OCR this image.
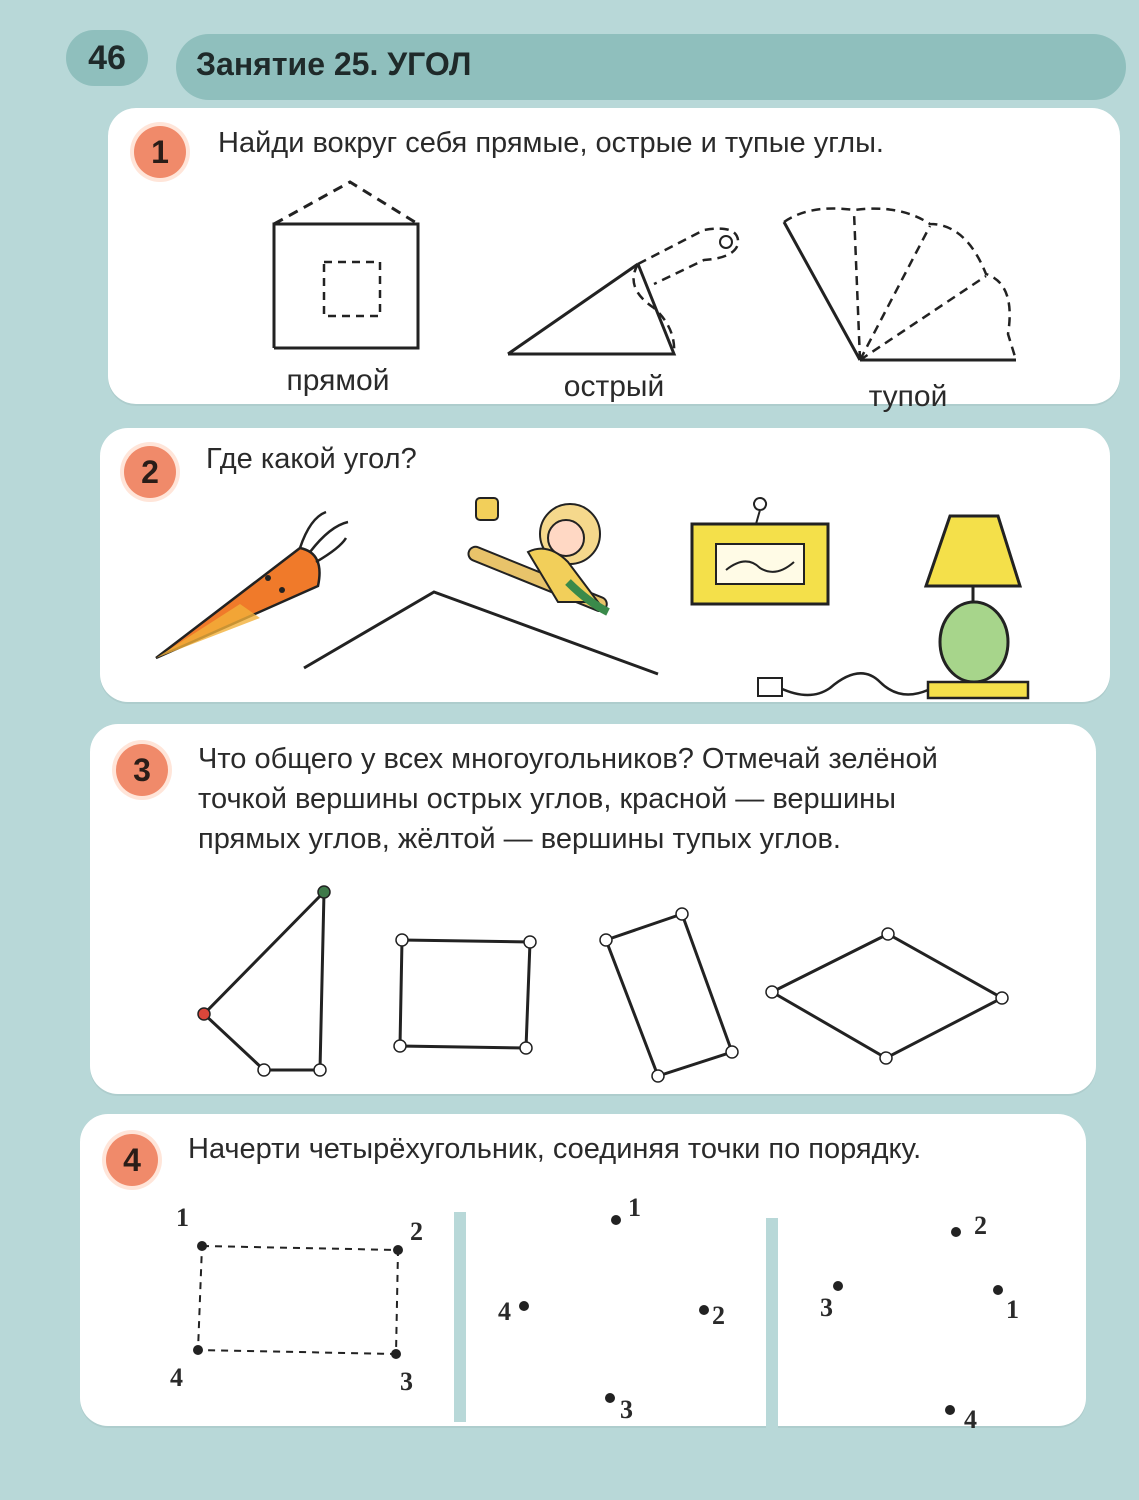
46 Занятие 25. УГОЛ
1 Найди вокруг себя прямые, острые и тупые углы.
прямой	острый	тупой
2 Где какой угол?
3 Что общего у всех многоугольников? Отмечай зелёной
точкой вершины острых углов, красной — вершины
прямых углов, жёлтой — вершины тупых углов.
4 Начерти четырёхугольник, соединяя точки по порядку.
1	2
3
4
1
2
3
4	1
2
3
4
